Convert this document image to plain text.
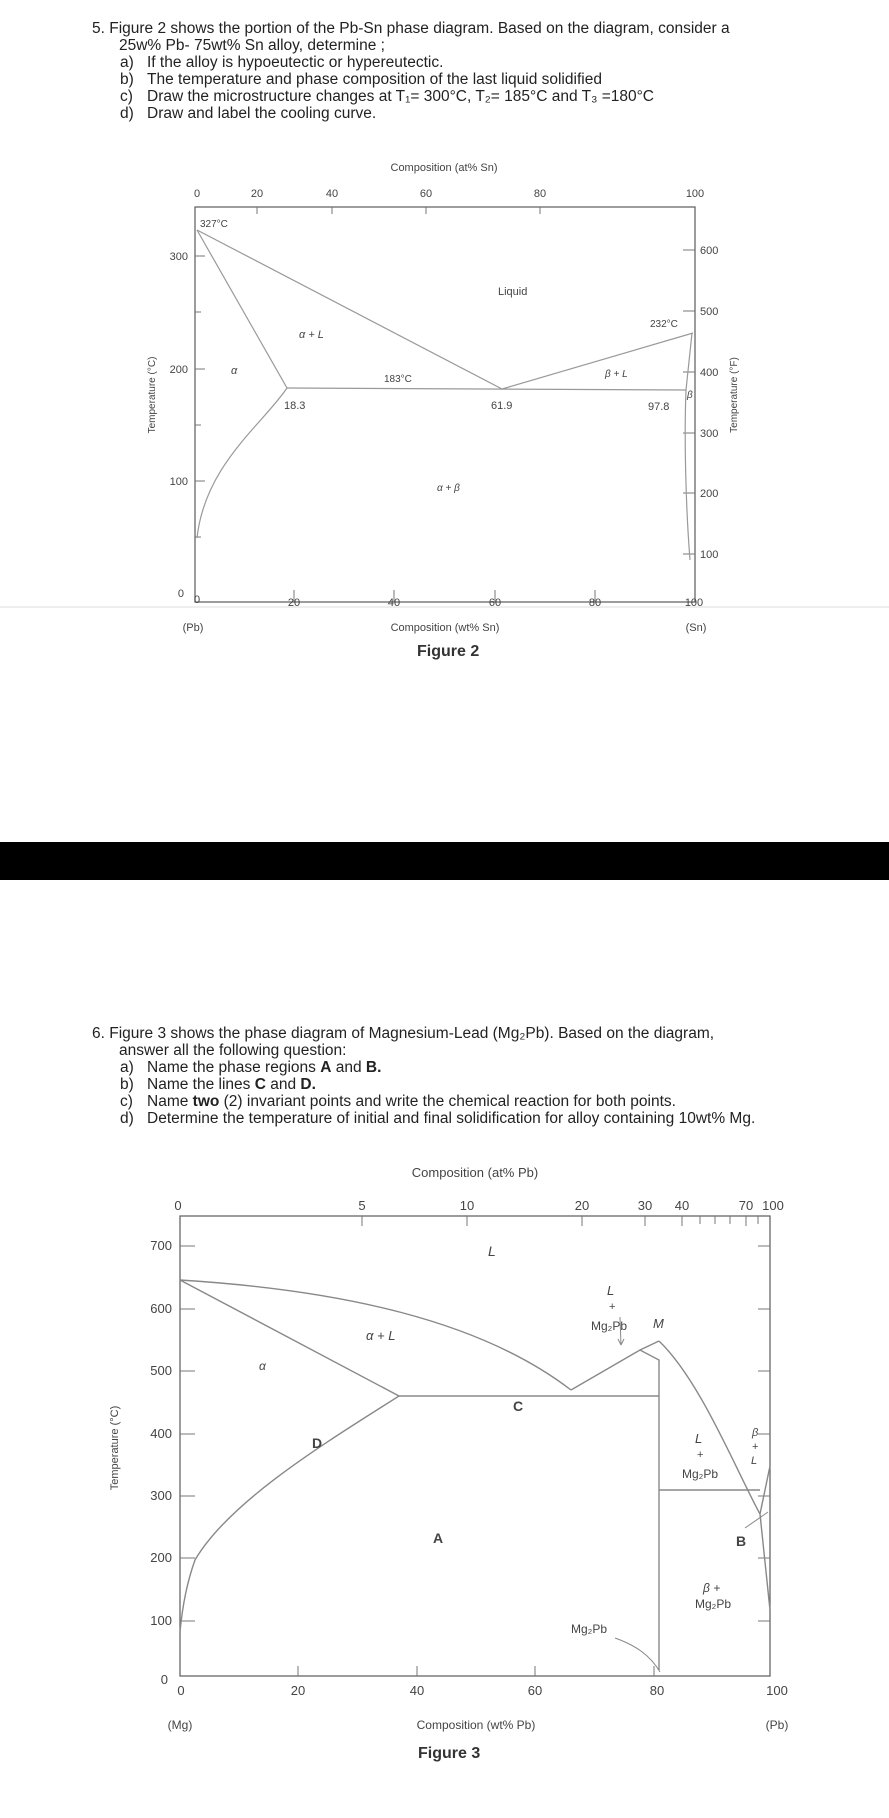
5. Figure 2 shows the portion of the Pb-Sn phase diagram. Based on the diagram, consider a
25w% Pb- 75wt% Sn alloy, determine ;
a) If the alloy is hypoeutectic or hypereutectic.
b) The temperature and phase composition of the last liquid solidified
c) Draw the microstructure changes at T₁= 300°C, T₂= 185°C and T₃ =180°C
d) Draw and label the cooling curve.
Composition (at% Sn)
0	20	40	60	80	100
Temperature (°C)
300
200
100
0
Temperature (°F)
600
500
400
300
200
100
0	20	40	60	80	100
Composition (wt% Sn)
(Pb)	(Sn)
327°C
232°C
183°C
Liquid
α + L
β + L
α
β
α + β
18.3	61.9	97.8
Figure 2
6. Figure 3 shows the phase diagram of Magnesium-Lead (Mg₂Pb). Based on the diagram,
answer all the following question:
a) Name the phase regions A and B.
b) Name the lines C and D.
c) Name two (2) invariant points and write the chemical reaction for both points.
d) Determine the temperature of initial and final solidification for alloy containing 10wt% Mg.
Composition (at% Pb)
0	5	10	20	30 40	70 100
Temperature (°C)
700
600
500
400
300
200
100
0
0	20	40	60	80	100
Composition (wt% Pb)
(Mg)	(Pb)
L
α + L
α
L
+
Mg₂Pb M
C
D
A	B
L
+
Mg₂Pb
β
+
L
β +
Mg₂Pb
Mg₂Pb
Figure 3
